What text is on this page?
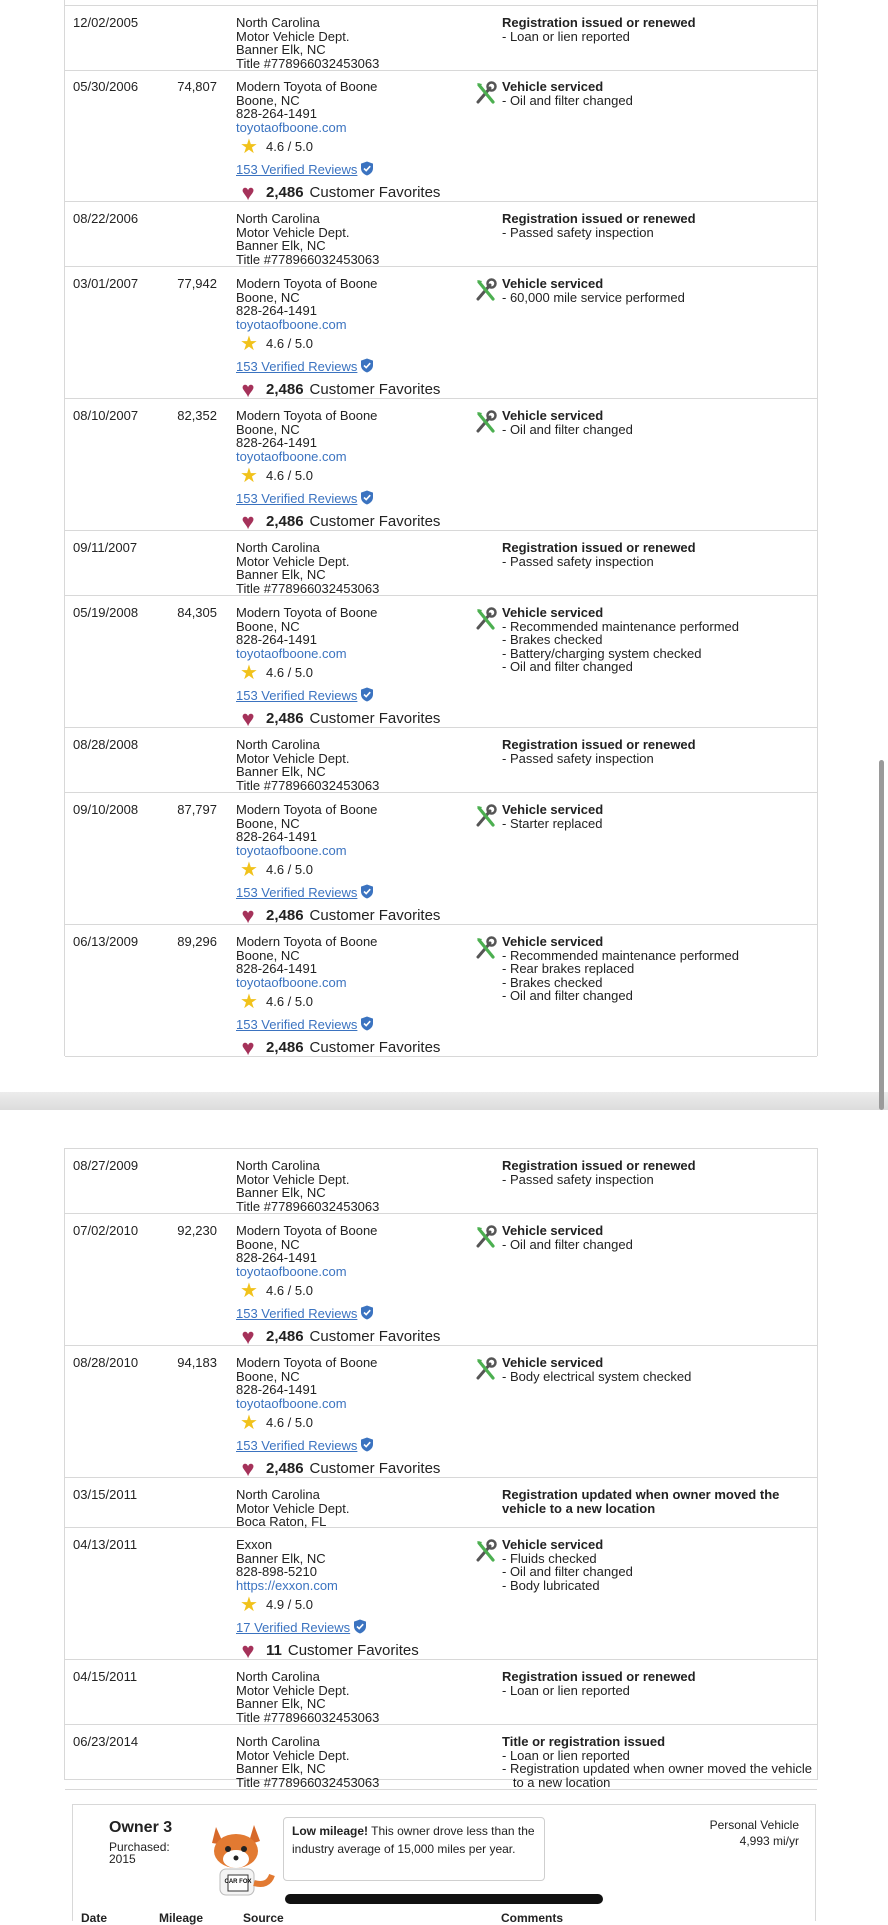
12/02/2005	North Carolina
Motor Vehicle Dept.
Banner Elk, NC
Title #778966032453063
Registration issued or renewed
- Loan or lien reported
05/30/2006	74,807 Modern Toyota of Boone
Boone, NC
828-264-1491
toyotaofboone.com
★ 4.6 / 5.0
153 Verified Reviews
♥ 2,486 Customer Favorites
Vehicle serviced
- Oil and filter changed
08/22/2006	North Carolina
Motor Vehicle Dept.
Banner Elk, NC
Title #778966032453063
Registration issued or renewed
- Passed safety inspection
03/01/2007	77,942 Modern Toyota of Boone
Boone, NC
828-264-1491
toyotaofboone.com
★ 4.6 / 5.0
153 Verified Reviews
♥ 2,486 Customer Favorites
Vehicle serviced
- 60,000 mile service performed
08/10/2007	82,352 Modern Toyota of Boone
Boone, NC
828-264-1491
toyotaofboone.com
★ 4.6 / 5.0
153 Verified Reviews
♥ 2,486 Customer Favorites
Vehicle serviced
- Oil and filter changed
09/11/2007	North Carolina
Motor Vehicle Dept.
Banner Elk, NC
Title #778966032453063
Registration issued or renewed
- Passed safety inspection
05/19/2008	84,305 Modern Toyota of Boone
Boone, NC
828-264-1491
toyotaofboone.com
★ 4.6 / 5.0
153 Verified Reviews
♥ 2,486 Customer Favorites
Vehicle serviced
- Recommended maintenance performed
- Brakes checked
- Battery/charging system checked
- Oil and filter changed
08/28/2008	North Carolina
Motor Vehicle Dept.
Banner Elk, NC
Title #778966032453063
Registration issued or renewed
- Passed safety inspection
09/10/2008	87,797 Modern Toyota of Boone
Boone, NC
828-264-1491
toyotaofboone.com
★ 4.6 / 5.0
153 Verified Reviews
♥ 2,486 Customer Favorites
Vehicle serviced
- Starter replaced
06/13/2009	89,296 Modern Toyota of Boone
Boone, NC
828-264-1491
toyotaofboone.com
★ 4.6 / 5.0
153 Verified Reviews
♥ 2,486 Customer Favorites
Vehicle serviced
- Recommended maintenance performed
- Rear brakes replaced
- Brakes checked
- Oil and filter changed
08/27/2009	North Carolina
Motor Vehicle Dept.
Banner Elk, NC
Title #778966032453063
Registration issued or renewed
- Passed safety inspection
07/02/2010	92,230 Modern Toyota of Boone
Boone, NC
828-264-1491
toyotaofboone.com
★ 4.6 / 5.0
153 Verified Reviews
♥ 2,486 Customer Favorites
Vehicle serviced
- Oil and filter changed
08/28/2010	94,183 Modern Toyota of Boone
Boone, NC
828-264-1491
toyotaofboone.com
★ 4.6 / 5.0
153 Verified Reviews
♥ 2,486 Customer Favorites
Vehicle serviced
- Body electrical system checked
03/15/2011	North Carolina
Motor Vehicle Dept.
Boca Raton, FL
Registration updated when owner moved the vehicle to a new location
04/13/2011	Exxon
Banner Elk, NC
828-898-5210
https://exxon.com
★ 4.9 / 5.0
17 Verified Reviews
♥ 11 Customer Favorites
Vehicle serviced
- Fluids checked
- Oil and filter changed
- Body lubricated
04/15/2011	North Carolina
Motor Vehicle Dept.
Banner Elk, NC
Title #778966032453063
Registration issued or renewed
- Loan or lien reported
06/23/2014	North Carolina
Motor Vehicle Dept.
Banner Elk, NC
Title #778966032453063
Title or registration issued
- Loan or lien reported
- Registration updated when owner moved the vehicle
to a new location
Owner 3
Purchased:
2015
CAR FOX
Low mileage! This owner drove less than the industry average of 15,000 miles per year.
Personal Vehicle
4,993 mi/yr
Date	Mileage	Source	Comments
